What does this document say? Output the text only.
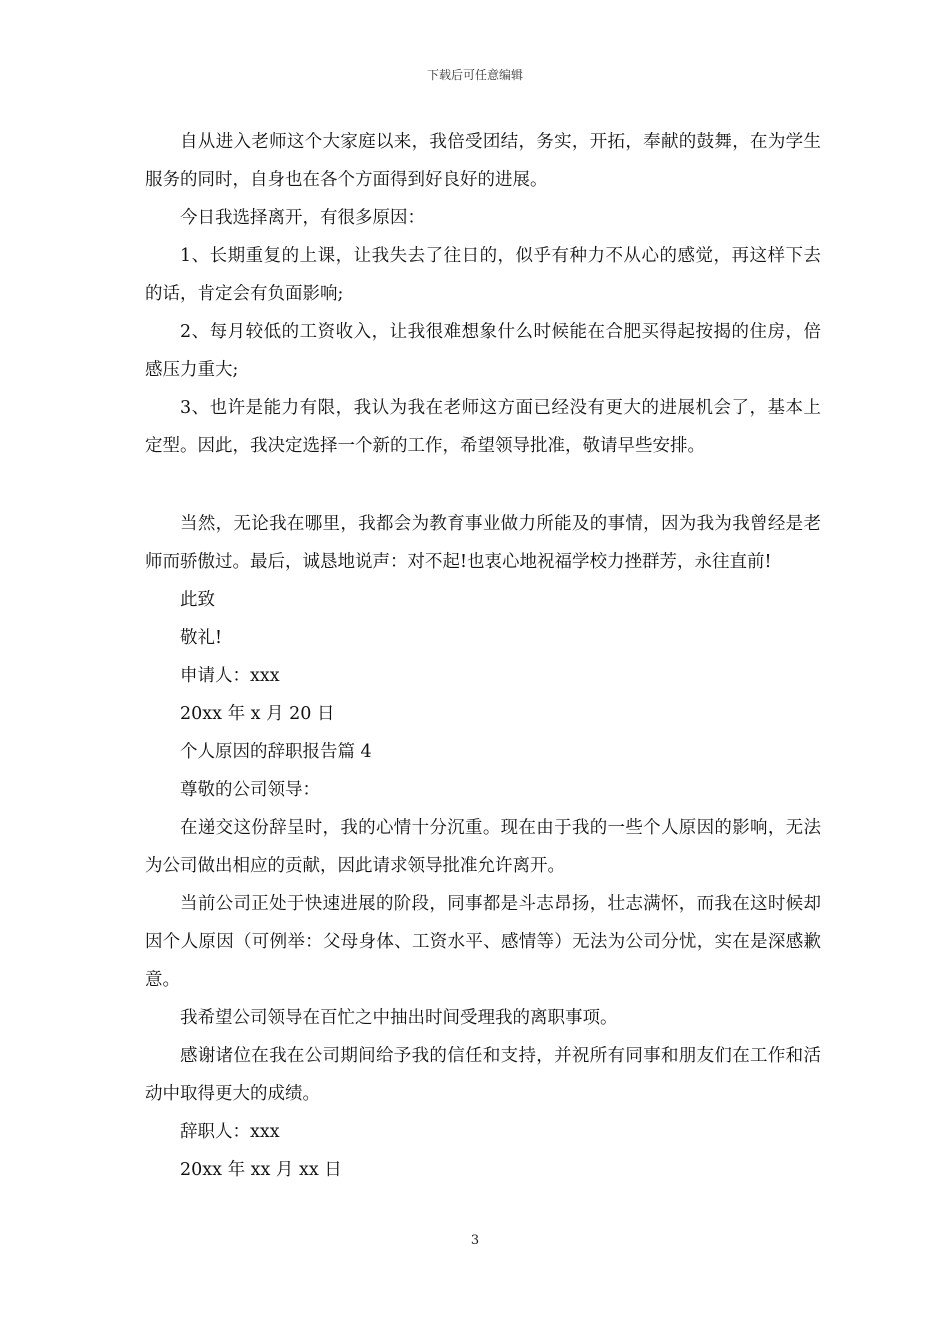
下载后可任意编辑

自从进入老师这个大家庭以来，我倍受团结，务实，开拓，奉献的鼓舞，在为学生服务的同时，自身也在各个方面得到好良好的进展。

今日我选择离开，有很多原因：

1、长期重复的上课，让我失去了往日的，似乎有种力不从心的感觉，再这样下去的话，肯定会有负面影响;

2、每月较低的工资收入，让我很难想象什么时候能在合肥买得起按揭的住房，倍感压力重大;

3、也许是能力有限，我认为我在老师这方面已经没有更大的进展机会了，基本上定型。因此，我决定选择一个新的工作，希望领导批准，敬请早些安排。

当然，无论我在哪里，我都会为教育事业做力所能及的事情，因为我为我曾经是老师而骄傲过。最后，诚恳地说声：对不起!也衷心地祝福学校力挫群芳，永往直前!

此致

敬礼!

申请人：xxx

20xx 年 x 月 20 日

个人原因的辞职报告篇 4

尊敬的公司领导：

在递交这份辞呈时，我的心情十分沉重。现在由于我的一些个人原因的影响，无法为公司做出相应的贡献，因此请求领导批准允许离开。

当前公司正处于快速进展的阶段，同事都是斗志昂扬，壮志满怀，而我在这时候却因个人原因（可例举：父母身体、工资水平、感情等）无法为公司分忧，实在是深感歉意。

我希望公司领导在百忙之中抽出时间受理我的离职事项。

感谢诸位在我在公司期间给予我的信任和支持，并祝所有同事和朋友们在工作和活动中取得更大的成绩。

辞职人：xxx

20xx 年 xx 月 xx 日

3
